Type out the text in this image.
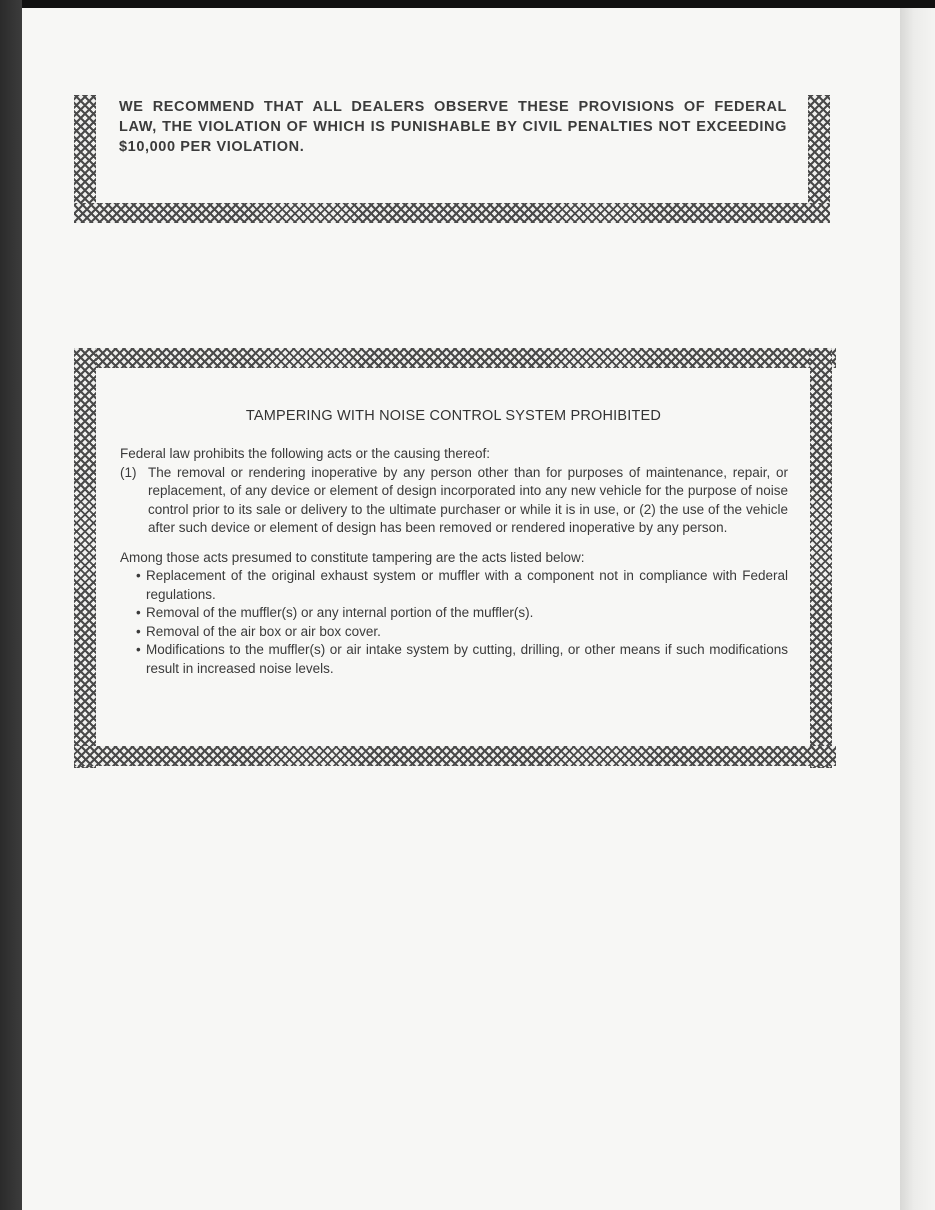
WE RECOMMEND THAT ALL DEALERS OBSERVE THESE PROVISIONS OF FEDERAL LAW, THE VIOLATION OF WHICH IS PUNISHABLE BY CIVIL PENALTIES NOT EXCEEDING $10,000 PER VIOLATION.
TAMPERING WITH NOISE CONTROL SYSTEM PROHIBITED

Federal law prohibits the following acts or the causing thereof:

(1) The removal or rendering inoperative by any person other than for purposes of maintenance, repair, or replacement, of any device or element of design incorporated into any new vehicle for the purpose of noise control prior to its sale or delivery to the ultimate purchaser or while it is in use, or (2) the use of the vehicle after such device or element of design has been removed or rendered inoperative by any person.

Among those acts presumed to constitute tampering are the acts listed below:

• Replacement of the original exhaust system or muffler with a component not in compliance with Federal regulations.
• Removal of the muffler(s) or any internal portion of the muffler(s).
• Removal of the air box or air box cover.
• Modifications to the muffler(s) or air intake system by cutting, drilling, or other means if such modifications result in increased noise levels.
